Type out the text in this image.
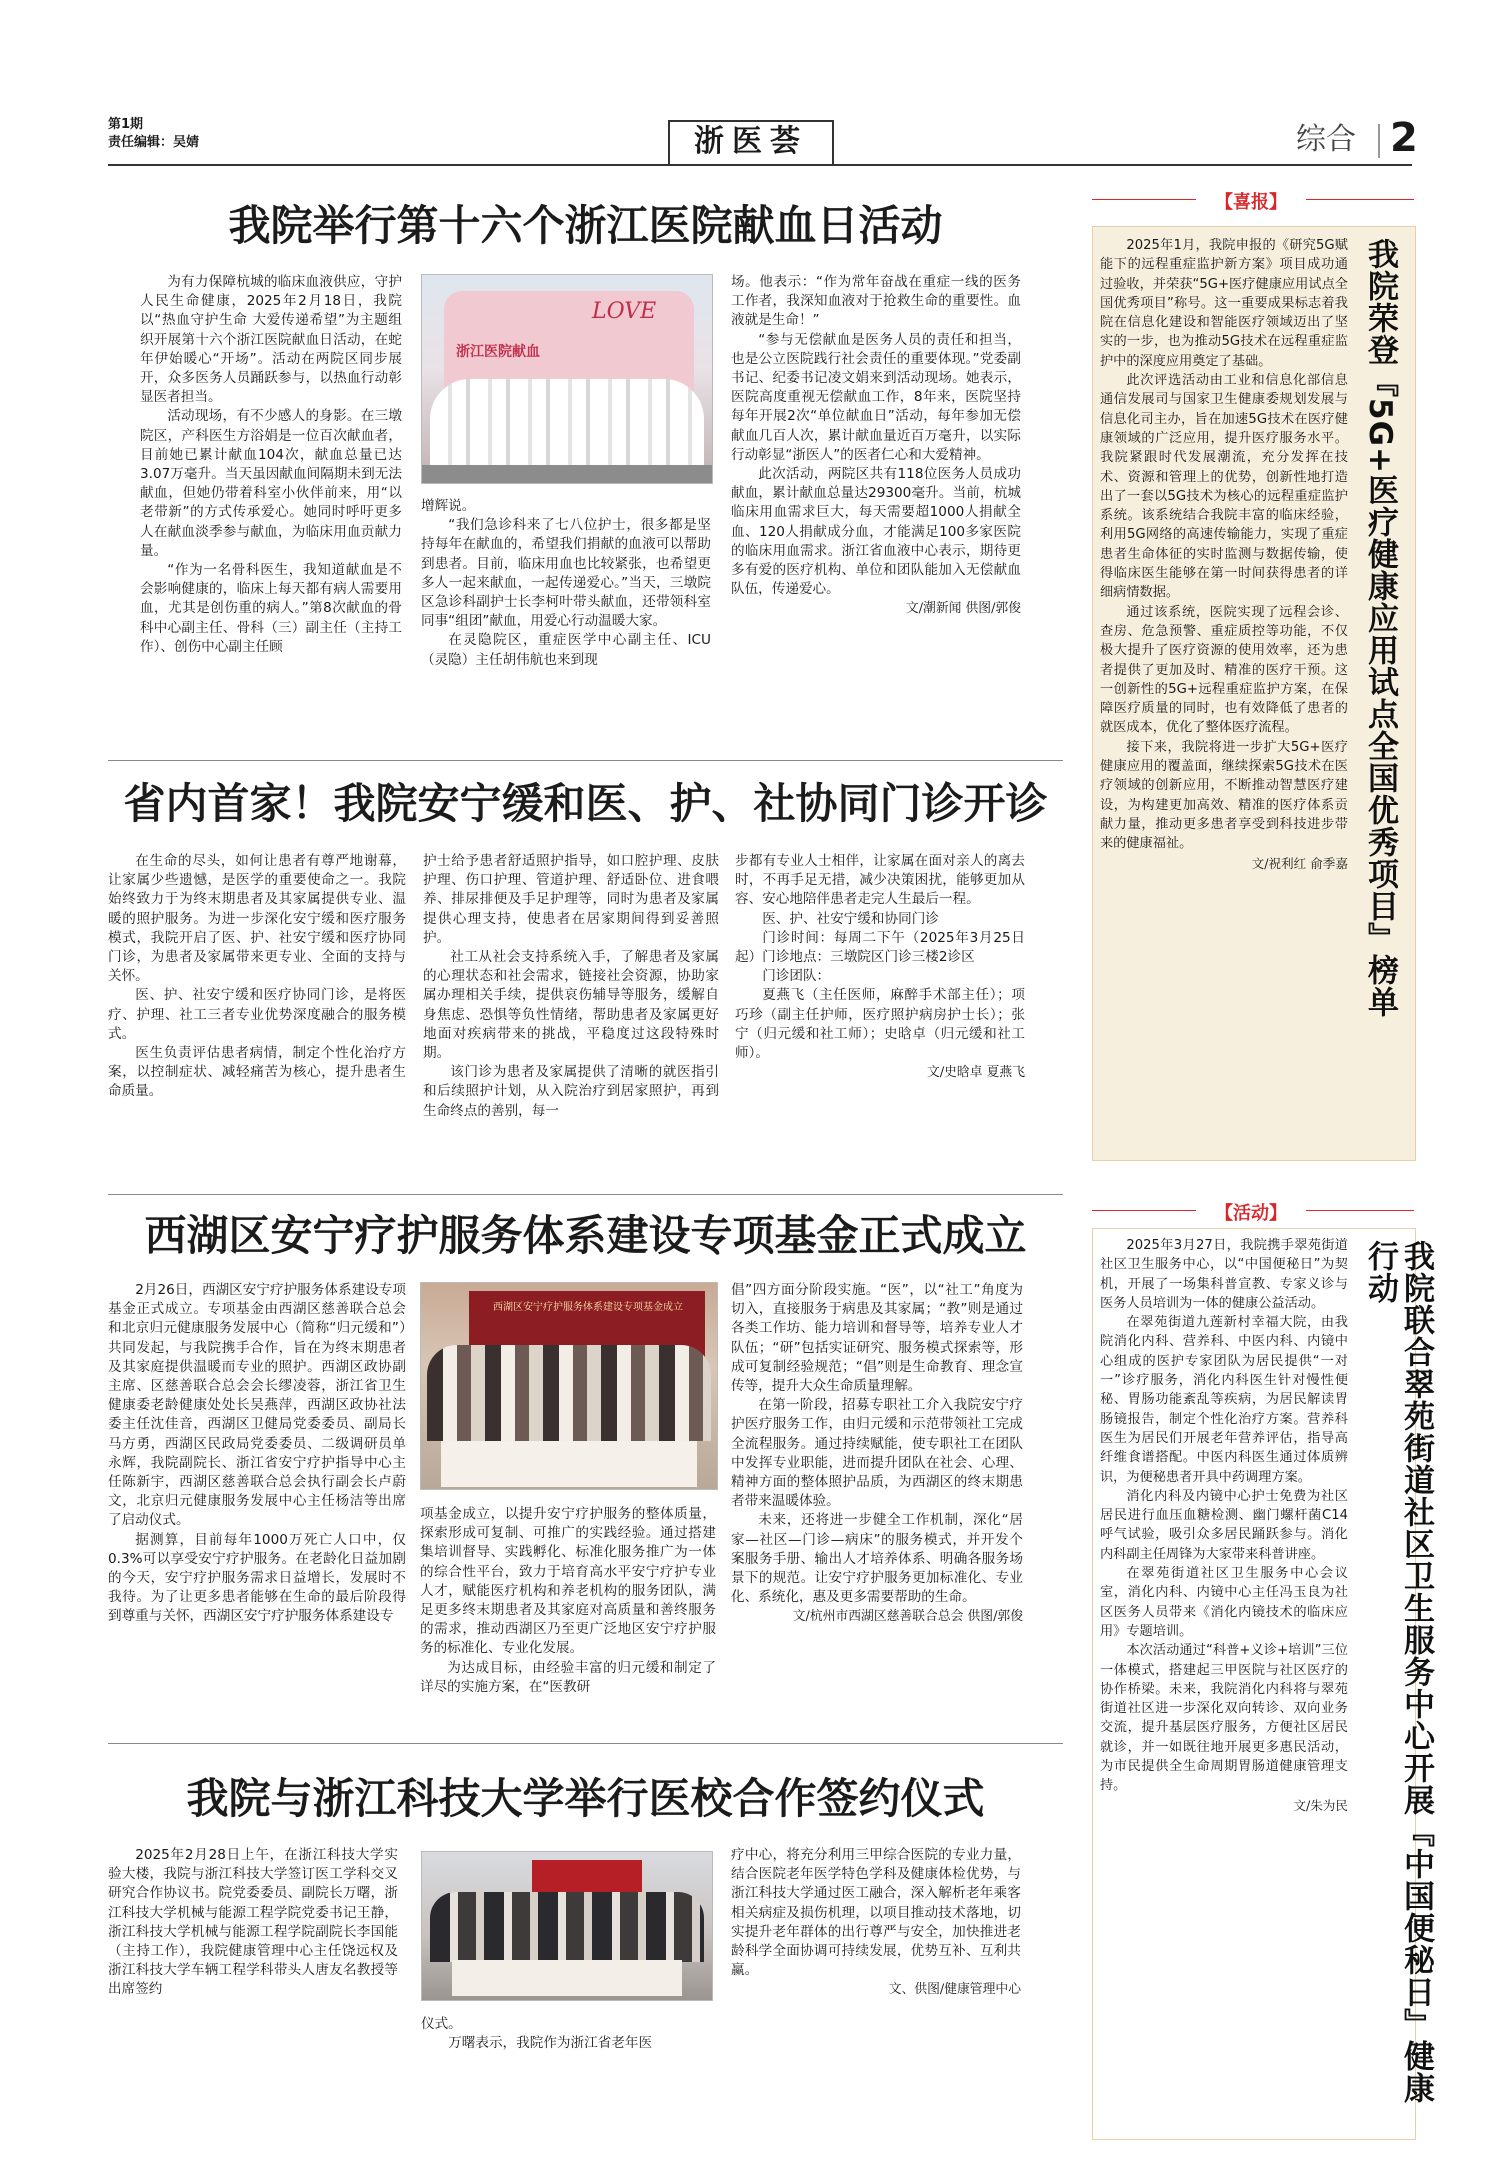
第1期
责任编辑：吴婧	浙医荟	综合 2
我院举行第十六个浙江医院献血日活动

为有力保障杭城的临床血液供应，守护人民生命健康，2025年2月18日，我院以“热血守护生命 大爱传递希望”为主题组织开展第十六个浙江医院献血日活动，在蛇年伊始暖心“开场”。活动在两院区同步展开，众多医务人员踊跃参与，以热血行动彰显医者担当。

活动现场，有不少感人的身影。在三墩院区，产科医生方浴娟是一位百次献血者，目前她已累计献血104次，献血总量已达3.07万毫升。当天虽因献血间隔期未到无法献血，但她仍带着科室小伙伴前来，用“以老带新”的方式传承爱心。她同时呼吁更多人在献血淡季参与献血，为临床用血贡献力量。

“作为一名骨科医生，我知道献血是不会影响健康的，临床上每天都有病人需要用血，尤其是创伤重的病人。”第8次献血的骨科中心副主任、骨科（三）副主任（主持工作）、创伤中心副主任顾

LOVE
浙江医院献血

增辉说。

“我们急诊科来了七八位护士，很多都是坚持每年在献血的，希望我们捐献的血液可以帮助到患者。目前，临床用血也比较紧张，也希望更多人一起来献血，一起传递爱心。”当天，三墩院区急诊科副护士长李柯叶带头献血，还带领科室同事“组团”献血，用爱心行动温暖大家。

在灵隐院区，重症医学中心副主任、ICU（灵隐）主任胡伟航也来到现

场。他表示：“作为常年奋战在重症一线的医务工作者，我深知血液对于抢救生命的重要性。血液就是生命！”

“参与无偿献血是医务人员的责任和担当，也是公立医院践行社会责任的重要体现。”党委副书记、纪委书记凌文娟来到活动现场。她表示，医院高度重视无偿献血工作，8年来，医院坚持每年开展2次“单位献血日”活动，每年参加无偿献血几百人次，累计献血量近百万毫升，以实际行动彰显“浙医人”的医者仁心和大爱精神。

此次活动，两院区共有118位医务人员成功献血，累计献血总量达29300毫升。当前，杭城临床用血需求巨大，每天需要超1000人捐献全血、120人捐献成分血，才能满足100多家医院的临床用血需求。浙江省血液中心表示，期待更多有爱的医疗机构、单位和团队能加入无偿献血队伍，传递爱心。

文/潮新闻 供图/郭俊

省内首家！我院安宁缓和医、护、社协同门诊开诊

在生命的尽头，如何让患者有尊严地谢幕，让家属少些遗憾，是医学的重要使命之一。我院始终致力于为终末期患者及其家属提供专业、温暖的照护服务。为进一步深化安宁缓和医疗服务模式，我院开启了医、护、社安宁缓和医疗协同门诊，为患者及家属带来更专业、全面的支持与关怀。

医、护、社安宁缓和医疗协同门诊，是将医疗、护理、社工三者专业优势深度融合的服务模式。

医生负责评估患者病情，制定个性化治疗方案，以控制症状、减轻痛苦为核心，提升患者生命质量。

护士给予患者舒适照护指导，如口腔护理、皮肤护理、伤口护理、管道护理、舒适卧位、进食喂养、排尿排便及手足护理等，同时为患者及家属提供心理支持，使患者在居家期间得到妥善照护。

社工从社会支持系统入手，了解患者及家属的心理状态和社会需求，链接社会资源，协助家属办理相关手续，提供哀伤辅导等服务，缓解自身焦虑、恐惧等负性情绪，帮助患者及家属更好地面对疾病带来的挑战，平稳度过这段特殊时期。

该门诊为患者及家属提供了清晰的就医指引和后续照护计划，从入院治疗到居家照护，再到生命终点的善别，每一

步都有专业人士相伴，让家属在面对亲人的离去时，不再手足无措，减少决策困扰，能够更加从容、安心地陪伴患者走完人生最后一程。

医、护、社安宁缓和协同门诊

门诊时间：每周二下午（2025年3月25日起）门诊地点：三墩院区门诊三楼2诊区

门诊团队：

夏燕飞（主任医师，麻醉手术部主任）；项巧珍（副主任护师，医疗照护病房护士长）；张宁（归元缓和社工师）；史晗卓（归元缓和社工师）。

文/史晗卓 夏燕飞

西湖区安宁疗护服务体系建设专项基金正式成立

2月26日，西湖区安宁疗护服务体系建设专项基金正式成立。专项基金由西湖区慈善联合总会和北京归元健康服务发展中心（简称“归元缓和”）共同发起，与我院携手合作，旨在为终末期患者及其家庭提供温暖而专业的照护。西湖区政协副主席、区慈善联合总会会长缪凌蓉，浙江省卫生健康委老龄健康处处长吴燕萍，西湖区政协社法委主任沈佳音，西湖区卫健局党委委员、副局长马方勇，西湖区民政局党委委员、二级调研员单永辉，我院副院长、浙江省安宁疗护指导中心主任陈新宇，西湖区慈善联合总会执行副会长卢蔚文，北京归元健康服务发展中心主任杨洁等出席了启动仪式。

据测算，目前每年1000万死亡人口中，仅0.3%可以享受安宁疗护服务。在老龄化日益加剧的今天，安宁疗护服务需求日益增长，发展时不我待。为了让更多患者能够在生命的最后阶段得到尊重与关怀，西湖区安宁疗护服务体系建设专

西湖区安宁疗护服务体系建设专项基金成立

项基金成立，以提升安宁疗护服务的整体质量，探索形成可复制、可推广的实践经验。通过搭建集培训督导、实践孵化、标准化服务推广为一体的综合性平台，致力于培育高水平安宁疗护专业人才，赋能医疗机构和养老机构的服务团队，满足更多终末期患者及其家庭对高质量和善终服务的需求，推动西湖区乃至更广泛地区安宁疗护服务的标准化、专业化发展。

为达成目标，由经验丰富的归元缓和制定了详尽的实施方案，在“医教研

倡”四方面分阶段实施。“医”，以“社工”角度为切入，直接服务于病患及其家属；“教”则是通过各类工作坊、能力培训和督导等，培养专业人才队伍；“研”包括实证研究、服务模式探索等，形成可复制经验规范；“倡”则是生命教育、理念宣传等，提升大众生命质量理解。

在第一阶段，招募专职社工介入我院安宁疗护医疗服务工作，由归元缓和示范带领社工完成全流程服务。通过持续赋能，使专职社工在团队中发挥专业职能，进而提升团队在社会、心理、精神方面的整体照护品质，为西湖区的终末期患者带来温暖体验。

未来，还将进一步健全工作机制，深化“居家—社区—门诊—病床”的服务模式，并开发个案服务手册、输出人才培养体系、明确各服务场景下的规范。让安宁疗护服务更加标准化、专业化、系统化，惠及更多需要帮助的生命。

文/杭州市西湖区慈善联合总会 供图/郭俊

我院与浙江科技大学举行医校合作签约仪式

2025年2月28日上午，在浙江科技大学实验大楼，我院与浙江科技大学签订医工学科交叉研究合作协议书。院党委委员、副院长万曙，浙江科技大学机械与能源工程学院党委书记王静，浙江科技大学机械与能源工程学院副院长李国能（主持工作），我院健康管理中心主任饶远权及浙江科技大学车辆工程学科带头人唐友名教授等出席签约

仪式。

万曙表示，我院作为浙江省老年医

疗中心，将充分利用三甲综合医院的专业力量，结合医院老年医学特色学科及健康体检优势，与浙江科技大学通过医工融合，深入解析老年乘客相关病症及损伤机理，以项目推动技术落地，切实提升老年群体的出行尊严与安全，加快推进老龄科学全面协调可持续发展，优势互补、互利共赢。

文、供图/健康管理中心

【喜报】

2025年1月，我院申报的《研究5G赋能下的远程重症监护新方案》项目成功通过验收，并荣获“5G+医疗健康应用试点全国优秀项目”称号。这一重要成果标志着我院在信息化建设和智能医疗领域迈出了坚实的一步，也为推动5G技术在远程重症监护中的深度应用奠定了基础。

此次评选活动由工业和信息化部信息通信发展司与国家卫生健康委规划发展与信息化司主办，旨在加速5G技术在医疗健康领域的广泛应用，提升医疗服务水平。我院紧跟时代发展潮流，充分发挥在技术、资源和管理上的优势，创新性地打造出了一套以5G技术为核心的远程重症监护系统。该系统结合我院丰富的临床经验，利用5G网络的高速传输能力，实现了重症患者生命体征的实时监测与数据传输，使得临床医生能够在第一时间获得患者的详细病情数据。

通过该系统，医院实现了远程会诊、查房、危急预警、重症质控等功能，不仅极大提升了医疗资源的使用效率，还为患者提供了更加及时、精准的医疗干预。这一创新性的5G+远程重症监护方案，在保障医疗质量的同时，也有效降低了患者的就医成本，优化了整体医疗流程。

接下来，我院将进一步扩大5G+医疗健康应用的覆盖面，继续探索5G技术在医疗领域的创新应用，不断推动智慧医疗建设，为构建更加高效、精准的医疗体系贡献力量，推动更多患者享受到科技进步带来的健康福祉。

文/祝利红 俞季嘉 我院荣登『5G+医疗健康应用试点全国优秀项目』榜单
【活动】

2025年3月27日，我院携手翠苑街道社区卫生服务中心，以“中国便秘日”为契机，开展了一场集科普宣教、专家义诊与医务人员培训为一体的健康公益活动。

在翠苑街道九莲新村幸福大院，由我院消化内科、营养科、中医内科、内镜中心组成的医护专家团队为居民提供“一对一”诊疗服务，消化内科医生针对慢性便秘、胃肠功能紊乱等疾病，为居民解读胃肠镜报告，制定个性化治疗方案。营养科医生为居民们开展老年营养评估，指导高纤维食谱搭配。中医内科医生通过体质辨识，为便秘患者开具中药调理方案。

消化内科及内镜中心护士免费为社区居民进行血压血糖检测、幽门螺杆菌C14呼气试验，吸引众多居民踊跃参与。消化内科副主任周锋为大家带来科普讲座。

在翠苑街道社区卫生服务中心会议室，消化内科、内镜中心主任冯玉良为社区医务人员带来《消化内镜技术的临床应用》专题培训。

本次活动通过“科普+义诊+培训”三位一体模式，搭建起三甲医院与社区医疗的协作桥梁。未来，我院消化内科将与翠苑街道社区进一步深化双向转诊、双向业务交流，提升基层医疗服务，方便社区居民就诊，并一如既往地开展更多惠民活动，为市民提供全生命周期胃肠道健康管理支持。

文/朱为民	我院联合翠苑街道社区卫生服务中心开展『中国便秘日』健康行动
